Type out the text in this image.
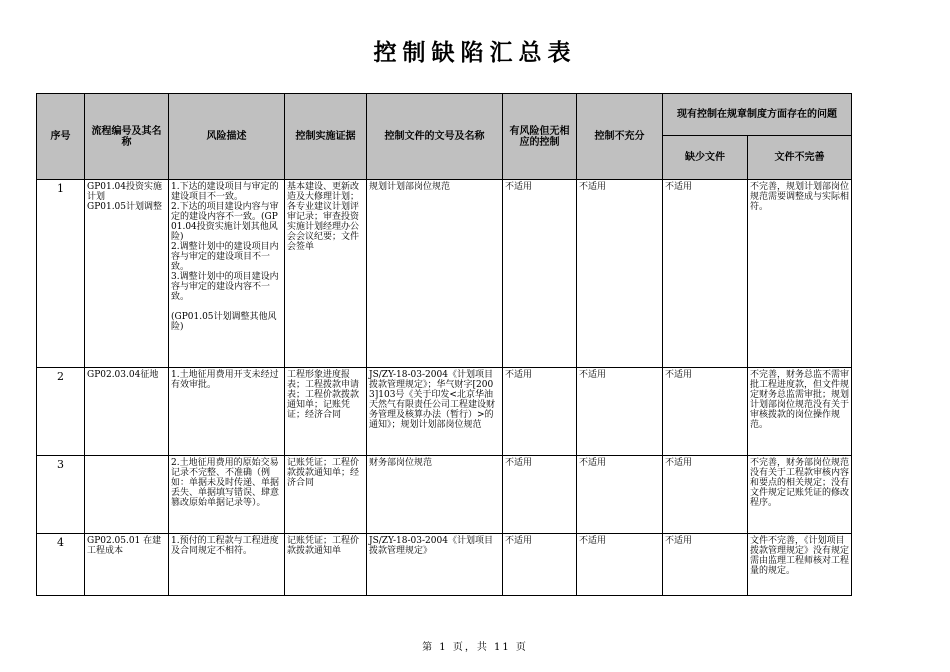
控制缺陷汇总表
序号	流程编号及其名称	风险描述	控制实施证据	控制文件的文号及名称	有风险但无相应的控制	控制不充分	现有控制在规章制度方面存在的问题	
							缺少文件	文件不完善
1	GP01.04投资实施计划
GP01.05计划调整	1.下达的建设项目与审定的建设项目不一致。
2.下达的项目建设内容与审定的建设内容不一致。(GP01.04投资实施计划其他风险)
2.调整计划中的建设项目内容与审定的建设项目不一致。
3.调整计划中的项目建设内容与审定的建设内容不一致。

(GP01.05计划调整其他风险)	基本建设、更新改造及大修理计划；各专业建议计划评审记录；审查投资实施计划经理办公会会议纪要；文件会签单	规划计划部岗位规范	不适用	不适用	不适用	不完善，规划计划部岗位规范需要调整成与实际相符。
2	GP02.03.04征地	1.土地征用费用开支未经过有效审批。	工程形象进度报表；工程拨款申请表；工程价款拨款通知单；记账凭证；经济合同	JS/ZY-18-03-2004《计划项目拨款管理规定》；华气财字[2003]103号《关于印发<北京华油天然气有限责任公司工程建设财务管理及核算办法（暂行）>的通知》；规划计划部岗位规范	不适用	不适用	不适用	不完善，财务总监不需审批工程进度款，但文件规定财务总监需审批；规划计划部岗位规范没有关于审核拨款的岗位操作规范。
3		2.土地征用费用的原始交易记录不完整、不准确（例如：单据未及时传递、单据丢失、单据填写错误、肆意篡改原始单据记录等）。	记账凭证；工程价款拨款通知单；经济合同	财务部岗位规范	不适用	不适用	不适用	不完善，财务部岗位规范没有关于工程款审核内容和要点的相关规定；没有文件规定记账凭证的修改程序。
4	GP02.05.01 在建工程成本	1.预付的工程款与工程进度及合同规定不相符。	记账凭证；工程价款拨款通知单	JS/ZY-18-03-2004《计划项目拨款管理规定》	不适用	不适用	不适用	文件不完善，《计划项目拨款管理规定》没有规定需由监理工程师核对工程量的规定。
第 1 页，共 11 页
